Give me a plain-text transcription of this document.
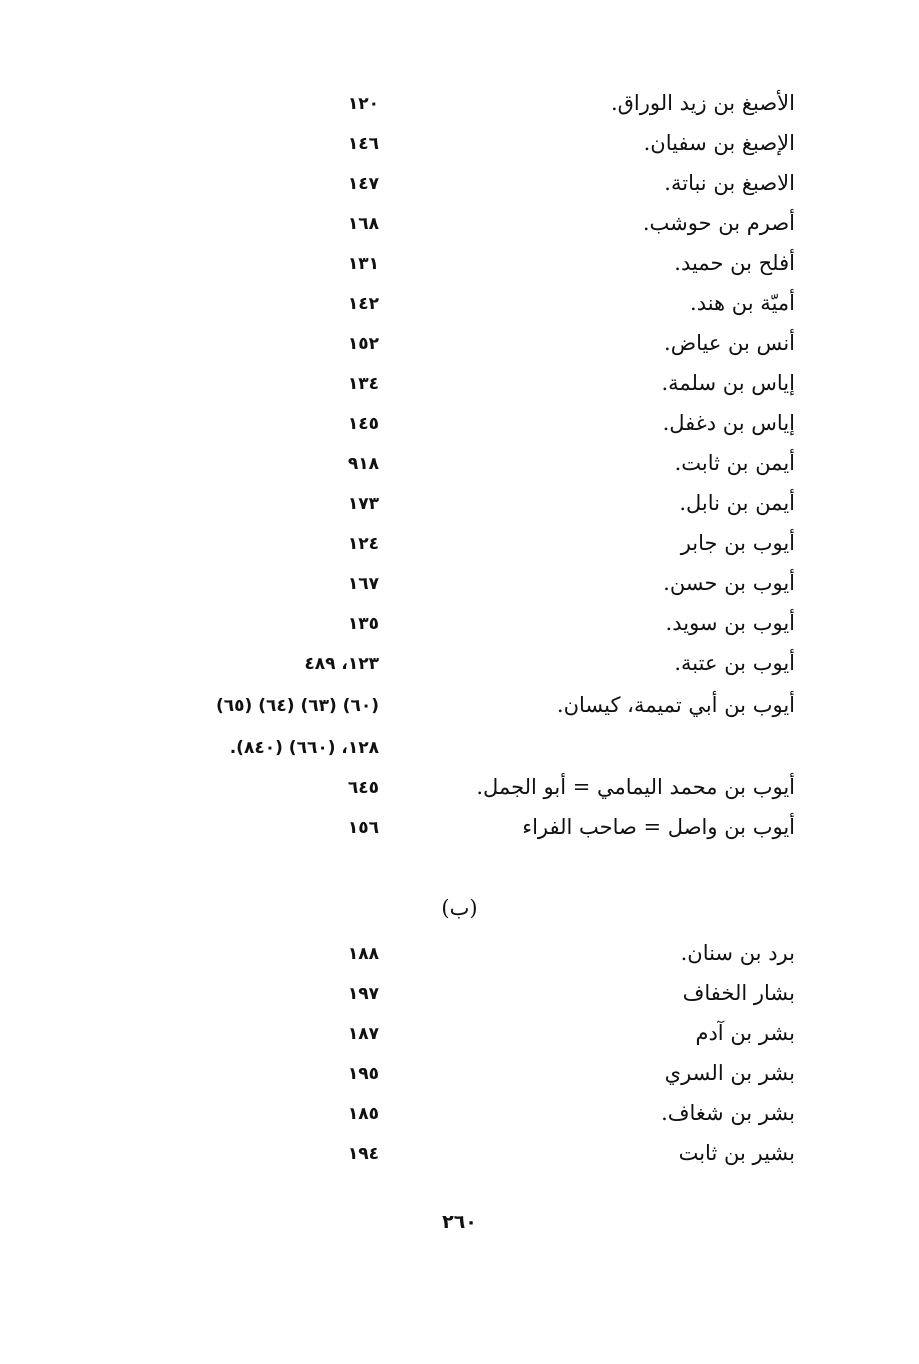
الأصبغ بن زيد الوراق.
١٢٠
الإصبغ بن سفيان.
١٤٦
الاصبغ بن نباتة.
١٤٧
أصرم بن حوشب.
١٦٨
أفلح بن حميد.
١٣١
أميّة بن هند.
١٤٢
أنس بن عياض.
١٥٢
إياس بن سلمة.
١٣٤
إياس بن دغفل.
١٤٥
أيمن بن ثابت.
٩١٨
أيمن بن نابل.
١٧٣
أيوب بن جابر
١٢٤
أيوب بن حسن.
١٦٧
أيوب بن سويد.
١٣٥
أيوب بن عتبة.
١٢٣، ٤٨٩
أيوب بن أبي تميمة، كيسان.
(٦٠) (٦٣) (٦٤) (٦٥)
١٢٨، (٦٦٠) (٨٤٠).
أيوب بن محمد اليمامي = أبو الجمل.
٦٤٥
أيوب بن واصل = صاحب الفراء
١٥٦
(ب)
برد بن سنان.
١٨٨
بشار الخفاف
١٩٧
بشر بن آدم
١٨٧
بشر بن السري
١٩٥
بشر بن شغاف.
١٨٥
بشير بن ثابت
١٩٤
٢٦٠
